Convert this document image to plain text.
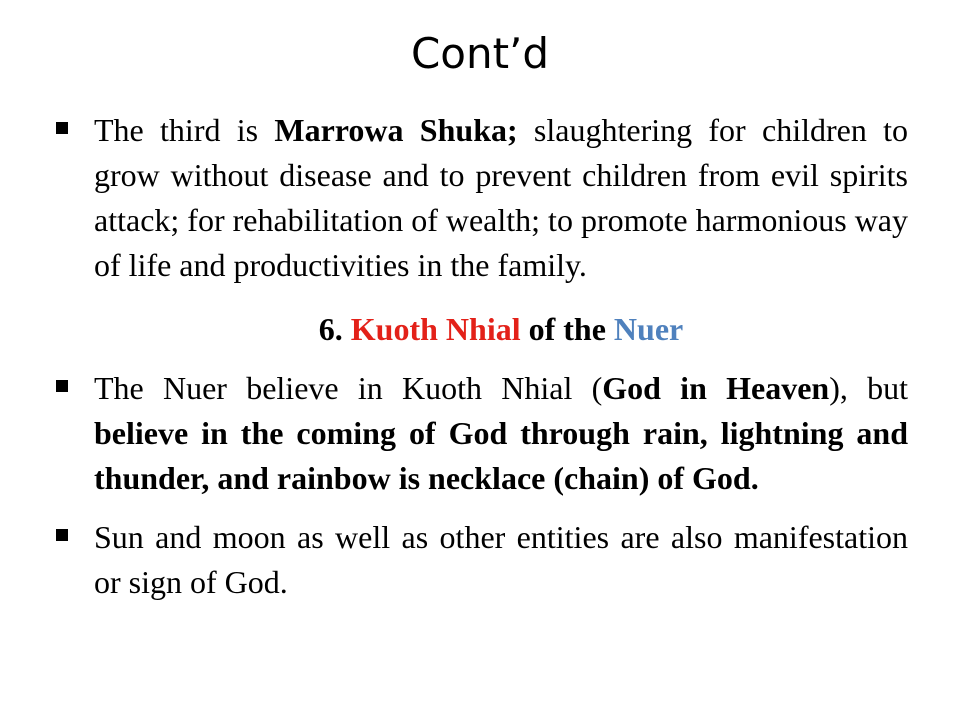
Cont’d

The third is Marrowa Shuka; slaughtering for children to grow without disease and to prevent children from evil spirits attack; for rehabilitation of wealth; to promote harmonious way of life and productivities in the family.

6. Kuoth Nhial of the Nuer

The Nuer believe in Kuoth Nhial (God in Heaven), but believe in the coming of God through rain, lightning and thunder, and rainbow is necklace (chain) of God.

Sun and moon as well as other entities are also manifestation or sign of God.
